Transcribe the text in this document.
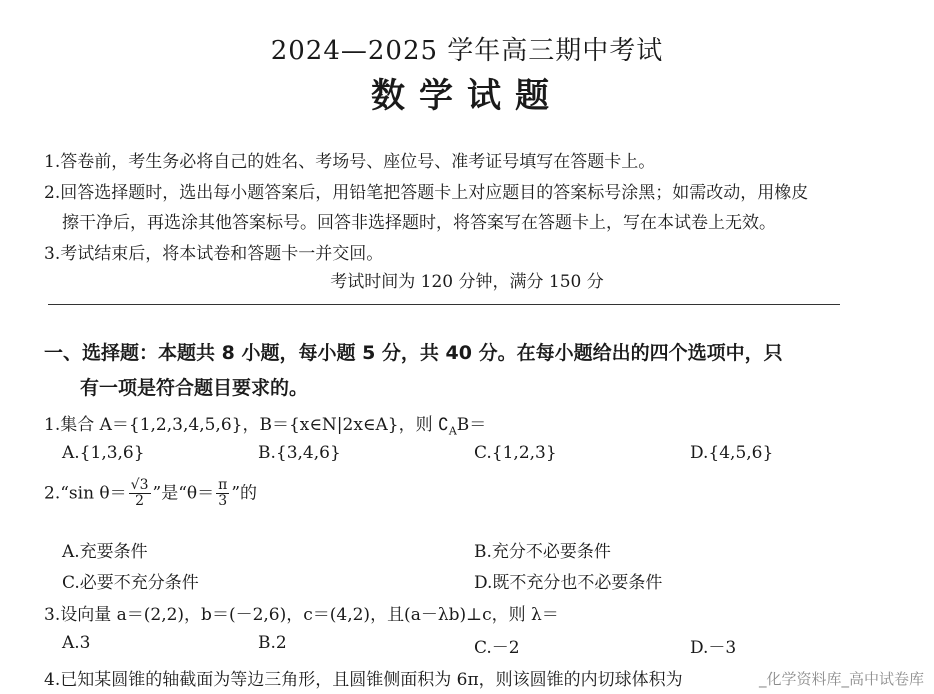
2024—2025 学年高三期中考试
数学试题
1.答卷前，考生务必将自己的姓名、考场号、座位号、准考证号填写在答题卡上。
2.回答选择题时，选出每小题答案后，用铅笔把答题卡上对应题目的答案标号涂黑；如需改动，用橡皮
擦干净后，再选涂其他答案标号。回答非选择题时，将答案写在答题卡上，写在本试卷上无效。
3.考试结束后，将本试卷和答题卡一并交回。
考试时间为 120 分钟，满分 150 分
一、选择题：本题共 8 小题，每小题 5 分，共 40 分。在每小题给出的四个选项中，只
有一项是符合题目要求的。
1.集合 A＝{1,2,3,4,5,6}，B＝{x∈N|2x∈A}，则 $∁_AB=$
A.{1,3,6}	B.{3,4,6}	C.{1,2,3}	D.{4,5,6}
2.“sin $\theta= \frac{√3}{2}$ ”是“$\theta= \frac{\pi}{3}$ ”的
A.充要条件	B.充分不必要条件
C.必要不充分条件	D.既不充分也不必要条件
3.设向量 a＝(2,2)，b＝(－2,6)，c＝(4,2)，且(a－λb)⊥c，则 λ＝
A.3	B.2	C.－2	D.－3
4.已知某圆锥的轴截面为等边三角形，且圆锥侧面积为 6π，则该圆锥的内切球体积为	_化学资料库_高中试卷库
